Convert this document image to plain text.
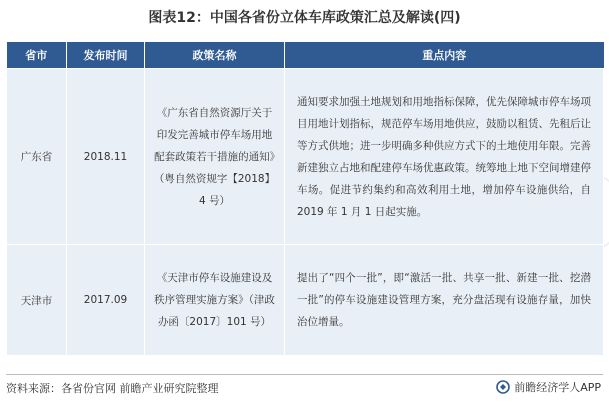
图表12：中国各省份立体车库政策汇总及解读(四)
省市	发布时间	政策名称	重点内容
广东省	2018.11	《广东省自然资源厅关于印发完善城市停车场用地配套政策若干措施的通知》（粤自然资规字【2018】4 号）	通知要求加强土地规划和用地指标保障，优先保障城市停车场项目用地计划指标，规范停车场用地供应，鼓励以租赁、先租后让等方式供地；进一步明确多种供应方式下的土地使用年限。完善新建独立占地和配建停车场优惠政策。统筹地上地下空间增建停车场。促进节约集约和高效利用土地，增加停车设施供给，自 2019 年 1 月 1 日起实施。
天津市	2017.09	《天津市停车设施建设及秩序管理实施方案》（津政办函〔2017〕101 号）	提出了“四个一批”，即“激活一批、共享一批、新建一批、挖潜一批”的停车设施建设管理方案，充分盘活现有设施存量，加快治位增量。
资料来源：各省份官网 前瞻产业研究院整理	前瞻经济学人APP
